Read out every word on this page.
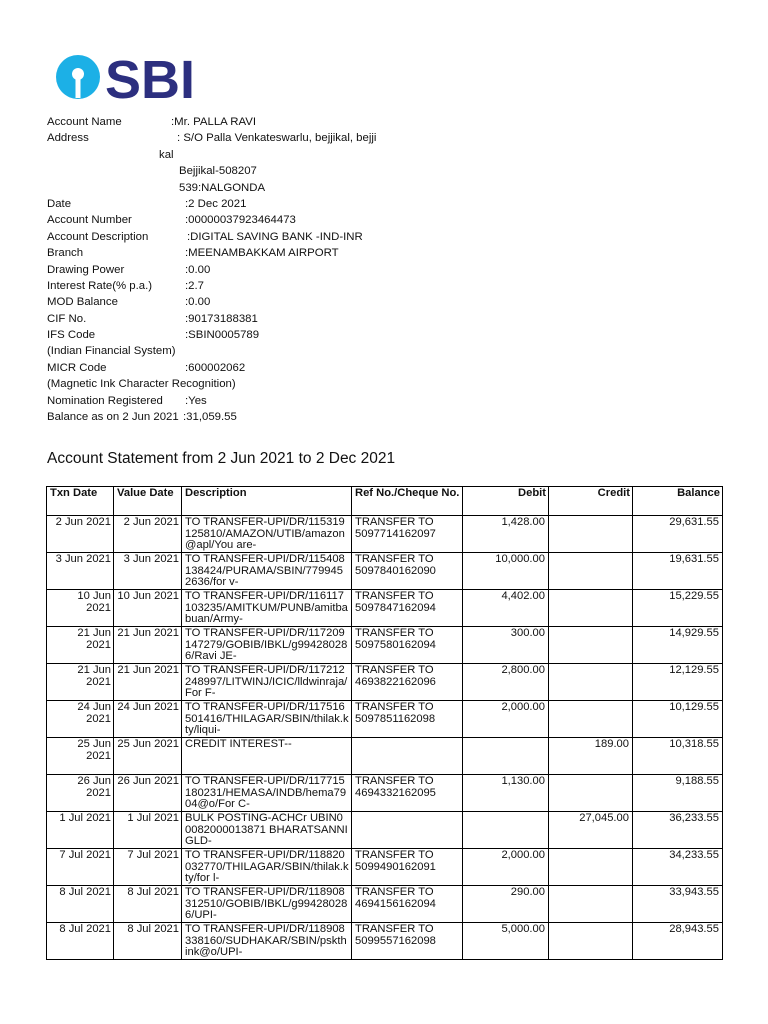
SBI
Account Name	:Mr. PALLA RAVI
Address	: S/O Palla Venkateswarlu, bejjikal, bejji
kal
Bejjikal-508207
539:NALGONDA
Date	:2 Dec 2021
Account Number	:00000037923464473
Account Description	:DIGITAL SAVING BANK -IND-INR
Branch	:MEENAMBAKKAM AIRPORT
Drawing Power	:0.00
Interest Rate(% p.a.)	:2.7
MOD Balance	:0.00
CIF No.	:90173188381
IFS Code	:SBIN0005789
(Indian Financial System)
MICR Code	:600002062
(Magnetic Ink Character Recognition)
Nomination Registered :Yes
Balance as on 2 Jun 2021 :31,059.55
Account Statement from 2 Jun 2021 to 2 Dec 2021
Txn Date	Value Date	Description	Ref No./Cheque No.	Debit	Credit	Balance

2 Jun 2021	2 Jun 2021	TO TRANSFER-UPI/DR/115319125810/AMAZON/UTIB/amazon@apl/You are-	TRANSFER TO 5097714162097	1,428.00		29,631.55

3 Jun 2021	3 Jun 2021	TO TRANSFER-UPI/DR/115408138424/PURAMA/SBIN/7799452636/for v-	TRANSFER TO 5097840162090	10,000.00		19,631.55

10 Jun 2021	10 Jun 2021	TO TRANSFER-UPI/DR/116117103235/AMITKUM/PUNB/amitbabuan/Army-	TRANSFER TO 5097847162094	4,402.00		15,229.55

21 Jun 2021	21 Jun 2021	TO TRANSFER-UPI/DR/117209147279/GOBIB/IBKL/g994280286/Ravi JE-	TRANSFER TO 5097580162094	300.00		14,929.55

21 Jun 2021	21 Jun 2021	TO TRANSFER-UPI/DR/117212248997/LITWINJ/ICIC/lldwinraja/For F-	TRANSFER TO 4693822162096	2,800.00		12,129.55

24 Jun 2021	24 Jun 2021	TO TRANSFER-UPI/DR/117516501416/THILAGAR/SBIN/thilak.kty/liqui-	TRANSFER TO 5097851162098	2,000.00		10,129.55

25 Jun 2021	25 Jun 2021	CREDIT INTEREST--			189.00	10,318.55

26 Jun 2021	26 Jun 2021	TO TRANSFER-UPI/DR/117715180231/HEMASA/INDB/hema7904@o/For C-	TRANSFER TO 4694332162095	1,130.00		9,188.55

1 Jul 2021	1 Jul 2021	BULK POSTING-ACHCr UBIN00082000013871 BHARATSANNIGLD-			27,045.00	36,233.55

7 Jul 2021	7 Jul 2021	TO TRANSFER-UPI/DR/118820032770/THILAGAR/SBIN/thilak.kty/for l-	TRANSFER TO 5099490162091	2,000.00		34,233.55

8 Jul 2021	8 Jul 2021	TO TRANSFER-UPI/DR/118908312510/GOBIB/IBKL/g994280286/UPI-	TRANSFER TO 4694156162094	290.00		33,943.55

8 Jul 2021	8 Jul 2021	TO TRANSFER-UPI/DR/118908338160/SUDHAKAR/SBIN/pskthink@o/UPI-	TRANSFER TO 5099557162098	5,000.00		28,943.55
